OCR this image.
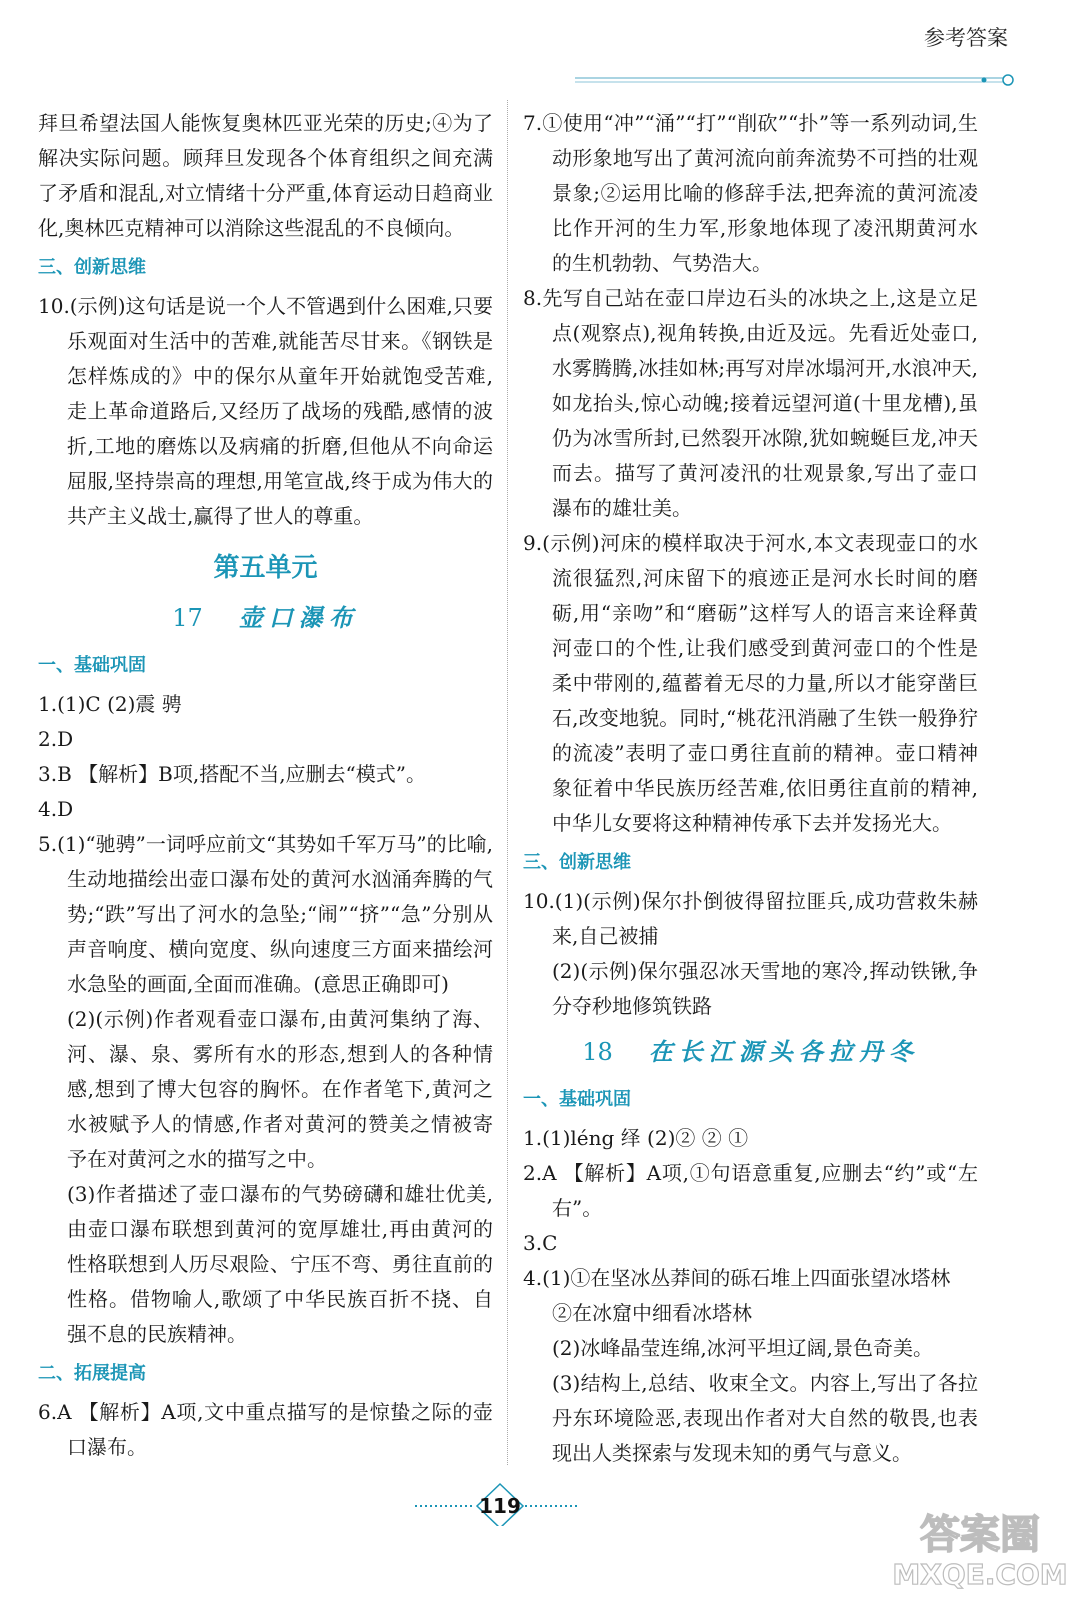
参考答案

拜旦希望法国人能恢复奥林匹亚光荣的历史;④为了解决实际问题。顾拜旦发现各个体育组织之间充满了矛盾和混乱,对立情绪十分严重,体育运动日趋商业化,奥林匹克精神可以消除这些混乱的不良倾向。

三、创新思维

10.(示例)这句话是说一个人不管遇到什么困难,只要乐观面对生活中的苦难,就能苦尽甘来。《钢铁是怎样炼成的》中的保尔从童年开始就饱受苦难,走上革命道路后,又经历了战场的残酷,感情的波折,工地的磨炼以及病痛的折磨,但他从不向命运屈服,坚持崇高的理想,用笔宣战,终于成为伟大的共产主义战士,赢得了世人的尊重。

第五单元
17 壶口瀑布
一、基础巩固

1.(1)C (2)震 骋

2.D

3.B 【解析】B项,搭配不当,应删去“模式”。

4.D

5.(1)“驰骋”一词呼应前文“其势如千军万马”的比喻,生动地描绘出壶口瀑布处的黄河水汹涌奔腾的气势;“跌”写出了河水的急坠;“闹”“挤”“急”分别从声音响度、横向宽度、纵向速度三方面来描绘河水急坠的画面,全面而准确。(意思正确即可)

(2)(示例)作者观看壶口瀑布,由黄河集纳了海、河、瀑、泉、雾所有水的形态,想到人的各种情感,想到了博大包容的胸怀。在作者笔下,黄河之水被赋予人的情感,作者对黄河的赞美之情被寄予在对黄河之水的描写之中。

(3)作者描述了壶口瀑布的气势磅礴和雄壮优美,由壶口瀑布联想到黄河的宽厚雄壮,再由黄河的性格联想到人历尽艰险、宁压不弯、勇往直前的性格。借物喻人,歌颂了中华民族百折不挠、自强不息的民族精神。

二、拓展提高

6.A 【解析】A项,文中重点描写的是惊蛰之际的壶口瀑布。

7.①使用“冲”“涌”“打”“削砍”“扑”等一系列动词,生动形象地写出了黄河流向前奔流势不可挡的壮观景象;②运用比喻的修辞手法,把奔流的黄河流凌比作开河的生力军,形象地体现了凌汛期黄河水的生机勃勃、气势浩大。

8.先写自己站在壶口岸边石头的冰块之上,这是立足点(观察点),视角转换,由近及远。先看近处壶口,水雾腾腾,冰挂如林;再写对岸冰塌河开,水浪冲天,如龙抬头,惊心动魄;接着远望河道(十里龙槽),虽仍为冰雪所封,已然裂开冰隙,犹如蜿蜒巨龙,冲天而去。描写了黄河凌汛的壮观景象,写出了壶口瀑布的雄壮美。

9.(示例)河床的模样取决于河水,本文表现壶口的水流很猛烈,河床留下的痕迹正是河水长时间的磨砺,用“亲吻”和“磨砺”这样写人的语言来诠释黄河壶口的个性,让我们感受到黄河壶口的个性是柔中带刚的,蕴蓄着无尽的力量,所以才能穿凿巨石,改变地貌。同时,“桃花汛消融了生铁一般狰狞的流凌”表明了壶口勇往直前的精神。壶口精神象征着中华民族历经苦难,依旧勇往直前的精神,中华儿女要将这种精神传承下去并发扬光大。

三、创新思维

10.(1)(示例)保尔扑倒彼得留拉匪兵,成功营救朱赫来,自己被捕

(2)(示例)保尔强忍冰天雪地的寒冷,挥动铁锹,争分夺秒地修筑铁路

18 在长江源头各拉丹冬
一、基础巩固

1.(1)léng 绎 (2)② ② ①

2.A 【解析】A项,①句语意重复,应删去“约”或“左右”。

3.C

4.(1)①在坚冰丛莽间的砾石堆上四面张望冰塔林

②在冰窟中细看冰塔林

(2)冰峰晶莹连绵,冰河平坦辽阔,景色奇美。

(3)结构上,总结、收束全文。内容上,写出了各拉丹东环境险恶,表现出作者对大自然的敬畏,也表现出人类探索与发现未知的勇气与意义。

119
答案圈
MXQE.COM
